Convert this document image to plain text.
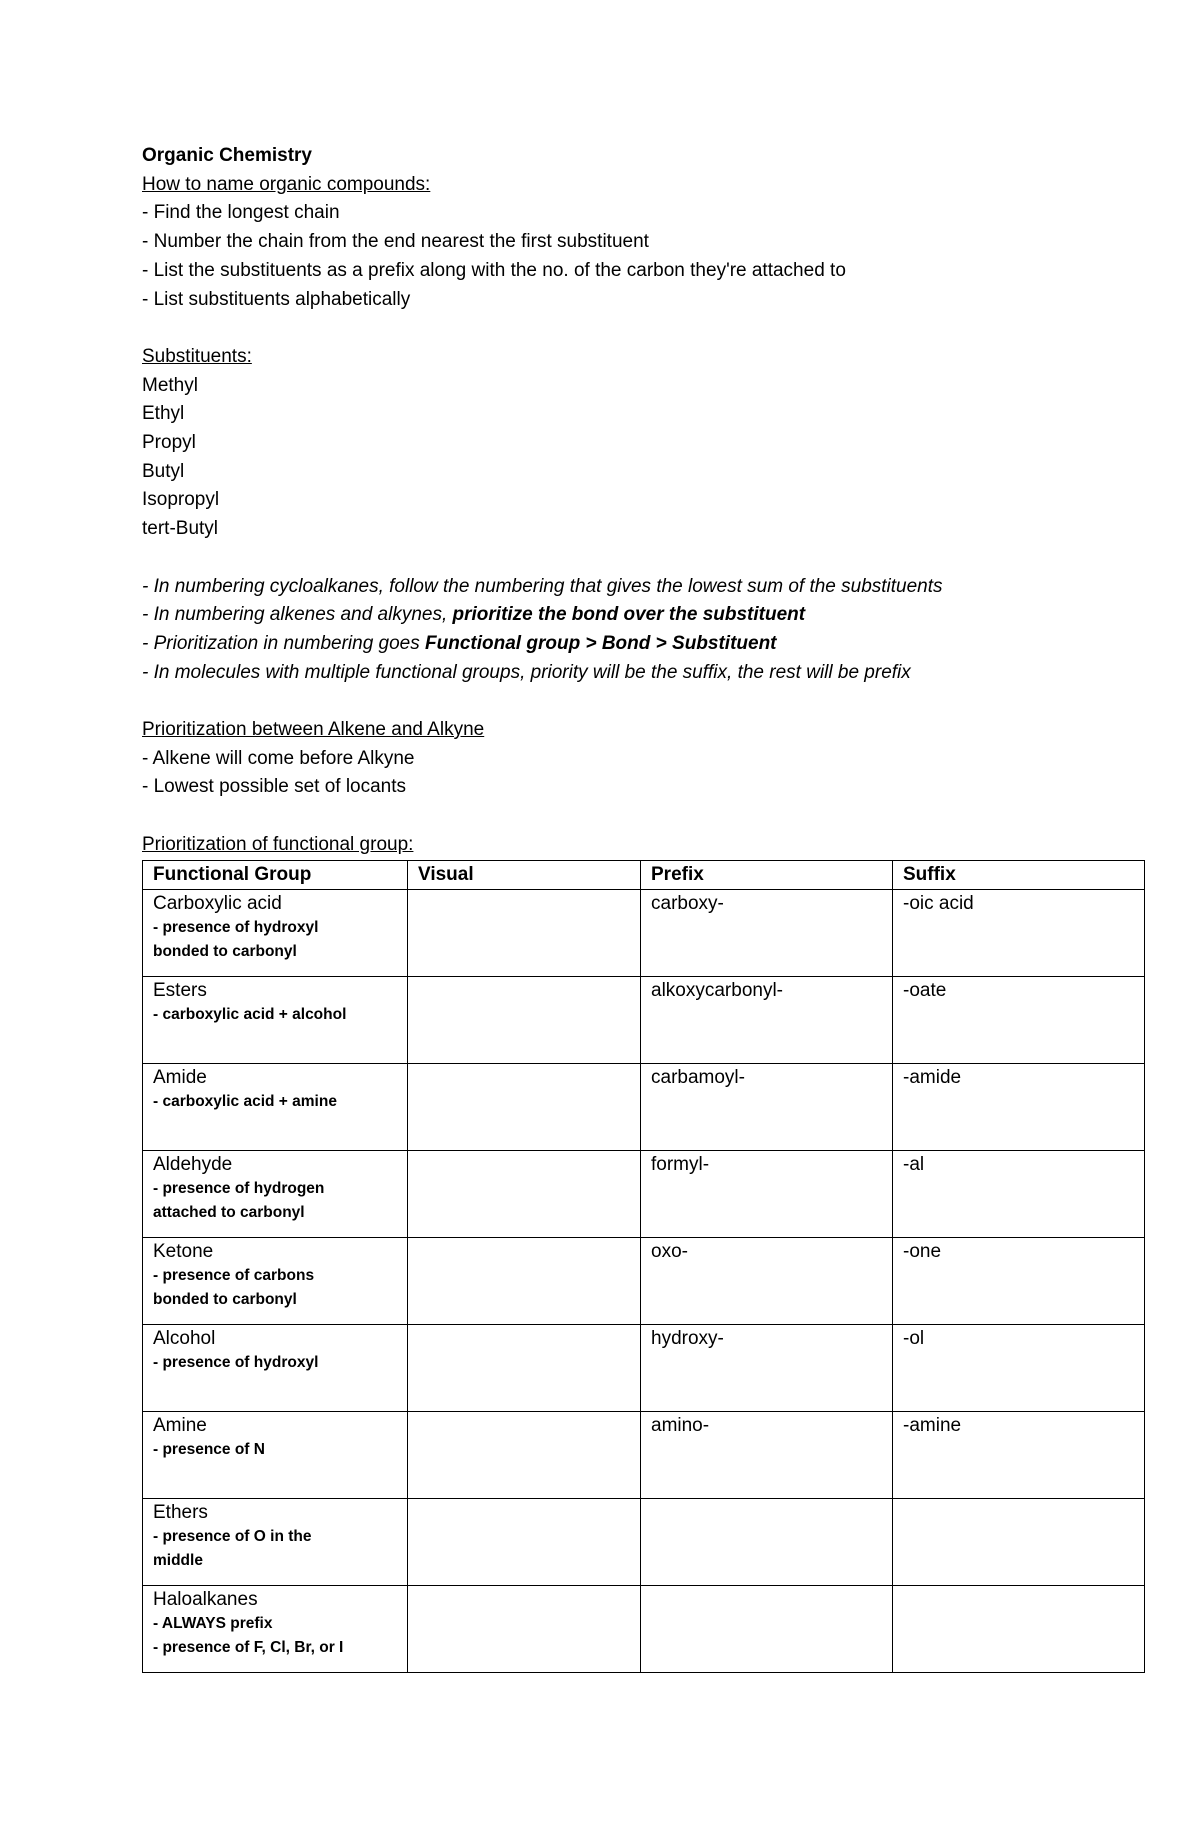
Organic Chemistry
How to name organic compounds:
- Find the longest chain
- Number the chain from the end nearest the first substituent
- List the substituents as a prefix along with the no. of the carbon they're attached to
- List substituents alphabetically
Substituents:
Methyl
Ethyl
Propyl
Butyl
Isopropyl
tert-Butyl
- In numbering cycloalkanes, follow the numbering that gives the lowest sum of the substituents
- In numbering alkenes and alkynes, prioritize the bond over the substituent
- Prioritization in numbering goes Functional group > Bond > Substituent
- In molecules with multiple functional groups, priority will be the suffix, the rest will be prefix
Prioritization between Alkene and Alkyne
- Alkene will come before Alkyne
- Lowest possible set of locants
Prioritization of functional group:
Functional Group	Visual	Prefix	Suffix

Carboxylic acid
- presence of hydroxyl
bonded to carbonyl		carboxy-	-oic acid

Esters
- carboxylic acid + alcohol		alkoxycarbonyl-	-oate

Amide
- carboxylic acid + amine		carbamoyl-	-amide

Aldehyde
- presence of hydrogen
attached to carbonyl		formyl-	-al

Ketone
- presence of carbons
bonded to carbonyl		oxo-	-one

Alcohol
- presence of hydroxyl		hydroxy-	-ol

Amine
- presence of N		amino-	-amine

Ethers
- presence of O in the
middle			

Haloalkanes
- ALWAYS prefix
- presence of F, Cl, Br, or I			
